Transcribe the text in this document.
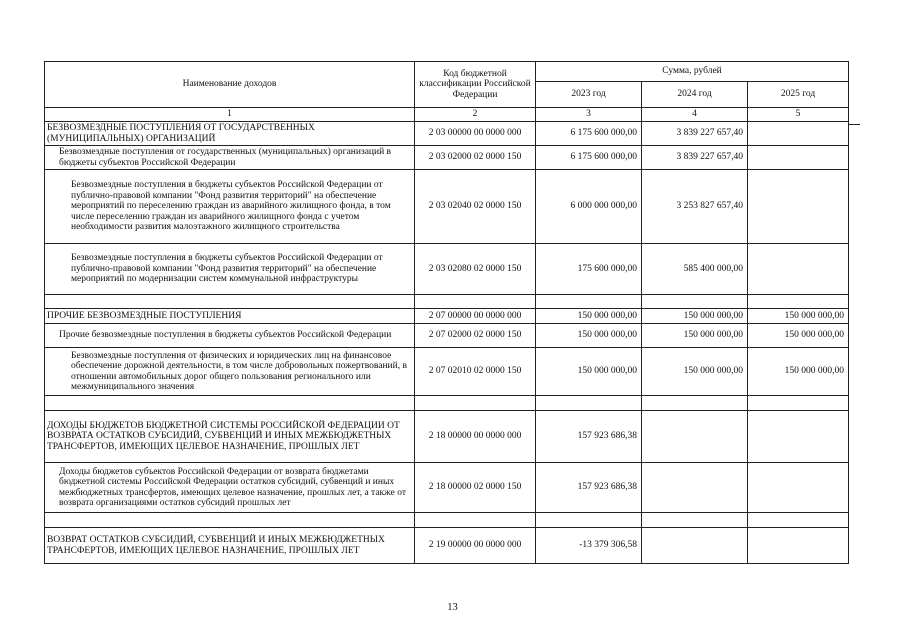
Наименование доходов	Код бюджетной классификации Российской Федерации	Сумма, рублей		
		2023 год	2024 год	2025 год
1	2	3	4	5
БЕЗВОЗМЕЗДНЫЕ ПОСТУПЛЕНИЯ ОТ ГОСУДАРСТВЕННЫХ (МУНИЦИПАЛЬНЫХ) ОРГАНИЗАЦИЙ	2 03 00000 00 0000 000	6 175 600 000,00	3 839 227 657,40	
Безвозмездные поступления от государственных (муниципальных) организаций в бюджеты субъектов Российской Федерации	2 03 02000 02 0000 150	6 175 600 000,00	3 839 227 657,40	
Безвозмездные поступления в бюджеты субъектов Российской Федерации от публично-правовой компании "Фонд развития территорий" на обеспечение мероприятий по переселению граждан из аварийного жилищного фонда, в том числе переселению граждан из аварийного жилищного фонда с учетом необходимости развития малоэтажного жилищного строительства	2 03 02040 02 0000 150	6 000 000 000,00	3 253 827 657,40	
Безвозмездные поступления в бюджеты субъектов Российской Федерации от публично-правовой компании "Фонд развития территорий" на обеспечение мероприятий по модернизации систем коммунальной инфраструктуры	2 03 02080 02 0000 150	175 600 000,00	585 400 000,00	

ПРОЧИЕ БЕЗВОЗМЕЗДНЫЕ ПОСТУПЛЕНИЯ	2 07 00000 00 0000 000	150 000 000,00	150 000 000,00	150 000 000,00
Прочие безвозмездные поступления в бюджеты субъектов Российской Федерации	2 07 02000 02 0000 150	150 000 000,00	150 000 000,00	150 000 000,00
Безвозмездные поступления от физических и юридических лиц на финансовое обеспечение дорожной деятельности, в том числе добровольных пожертвований, в отношении автомобильных дорог общего пользования регионального или межмуниципального значения	2 07 02010 02 0000 150	150 000 000,00	150 000 000,00	150 000 000,00

ДОХОДЫ БЮДЖЕТОВ БЮДЖЕТНОЙ СИСТЕМЫ РОССИЙСКОЙ ФЕДЕРАЦИИ ОТ ВОЗВРАТА ОСТАТКОВ СУБСИДИЙ, СУБВЕНЦИЙ И ИНЫХ МЕЖБЮДЖЕТНЫХ ТРАНСФЕРТОВ, ИМЕЮЩИХ ЦЕЛЕВОЕ НАЗНАЧЕНИЕ, ПРОШЛЫХ ЛЕТ	2 18 00000 00 0000 000	157 923 686,38		
Доходы бюджетов субъектов Российской Федерации от возврата бюджетами бюджетной системы Российской Федерации остатков субсидий, субвенций и иных межбюджетных трансфертов, имеющих целевое назначение, прошлых лет, а также от возврата организациями остатков субсидий прошлых лет	2 18 00000 02 0000 150	157 923 686,38		

ВОЗВРАТ ОСТАТКОВ СУБСИДИЙ, СУБВЕНЦИЙ И ИНЫХ МЕЖБЮДЖЕТНЫХ ТРАНСФЕРТОВ, ИМЕЮЩИХ ЦЕЛЕВОЕ НАЗНАЧЕНИЕ, ПРОШЛЫХ ЛЕТ	2 19 00000 00 0000 000	-13 379 306,58		
13
